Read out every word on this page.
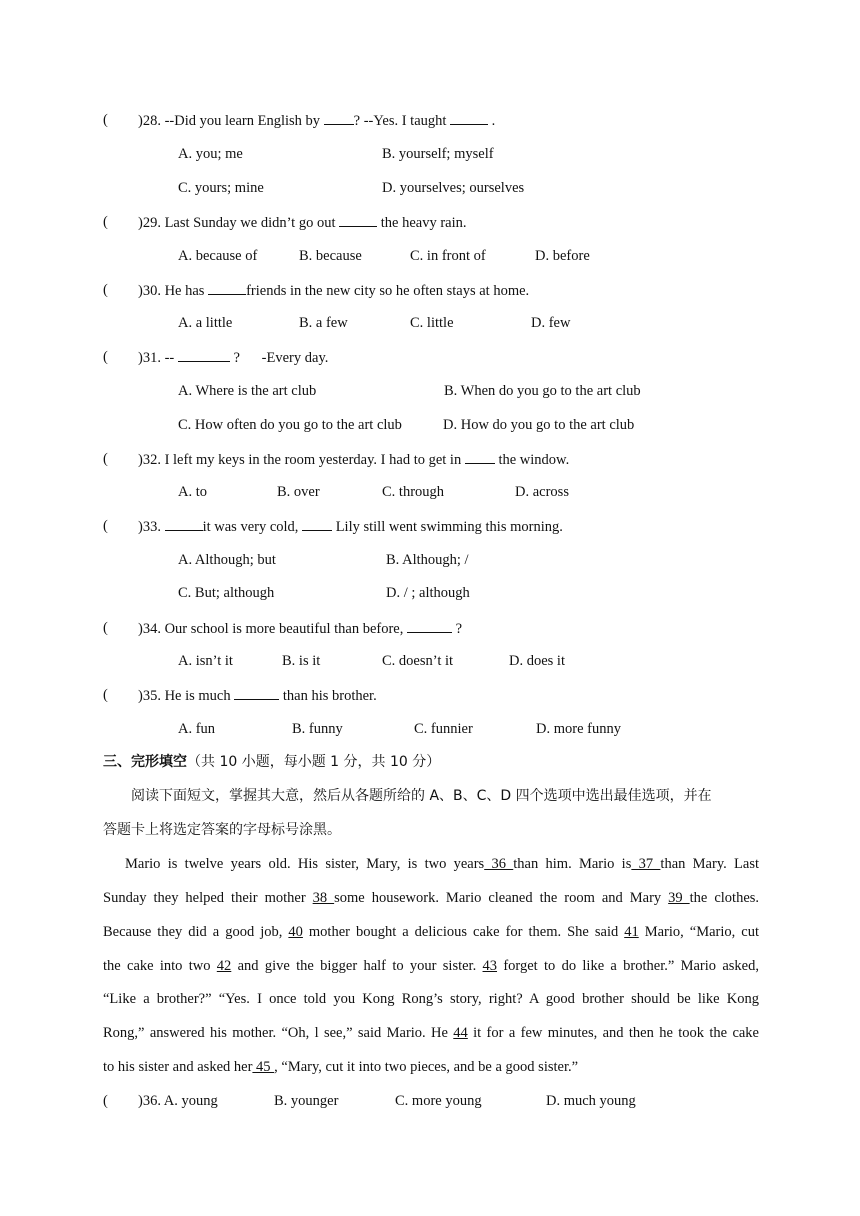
( )28. --Did you learn English by ? --Yes. I taught	.
A. you; me	B. yourself; myself
C. yours; mine	D. yourselves; ourselves
( )29. Last Sunday we didn’t go out	the heavy rain.
A. because of	B. because	C. in front of	D. before
( )30. He has	friends in the new city so he often stays at home.
A. a little	B. a few	C. little	D. few
( )31. --	?      -Every day.
A. Where is the art club	B. When do you go to the art club
C. How often do you go to the art club	D. How do you go to the art club
( )32. I left my keys in the room yesterday. I had to get in  the window.
A. to	B. over	C. through	D. across
( )33.	it was very cold,  Lily still went swimming this morning.
A. Although; but	B. Although; /
C. But; although	D. / ; although
( )34. Our school is more beautiful than before,	?
A. isn’t it	B. is it	C. doesn’t it	D. does it
( )35. He is much	than his brother.
A. fun	B. funny	C. funnier	D. more funny
三、完形填空（共 10 小题，每小题 1 分，共 10 分）
阅读下面短文，掌握其大意，然后从各题所给的 A、B、C、D 四个选项中选出最佳选项，并在
答题卡上将选定答案的字母标号涂黑。
Mario is twelve years old. His sister, Mary, is two years 36 than him. Mario is 37 than Mary. Last
Sunday they helped their mother 38 some housework. Mario cleaned the room and Mary 39 the clothes.
Because they did a good job, 40 mother bought a delicious cake for them. She said 41 Mario, “Mario, cut
the cake into two 42 and give the bigger half to your sister. 43 forget to do like a brother.” Mario asked,
“Like a brother?” “Yes. I once told you Kong Rong’s story, right? A good brother should be like Kong
Rong,” answered his mother. “Oh, l see,” said Mario. He 44 it for a few minutes, and then he took the cake
to his sister and asked her 45 , “Mary, cut it into two pieces, and be a good sister.”
( )36. A. young	B. younger	C. more young	D. much young
